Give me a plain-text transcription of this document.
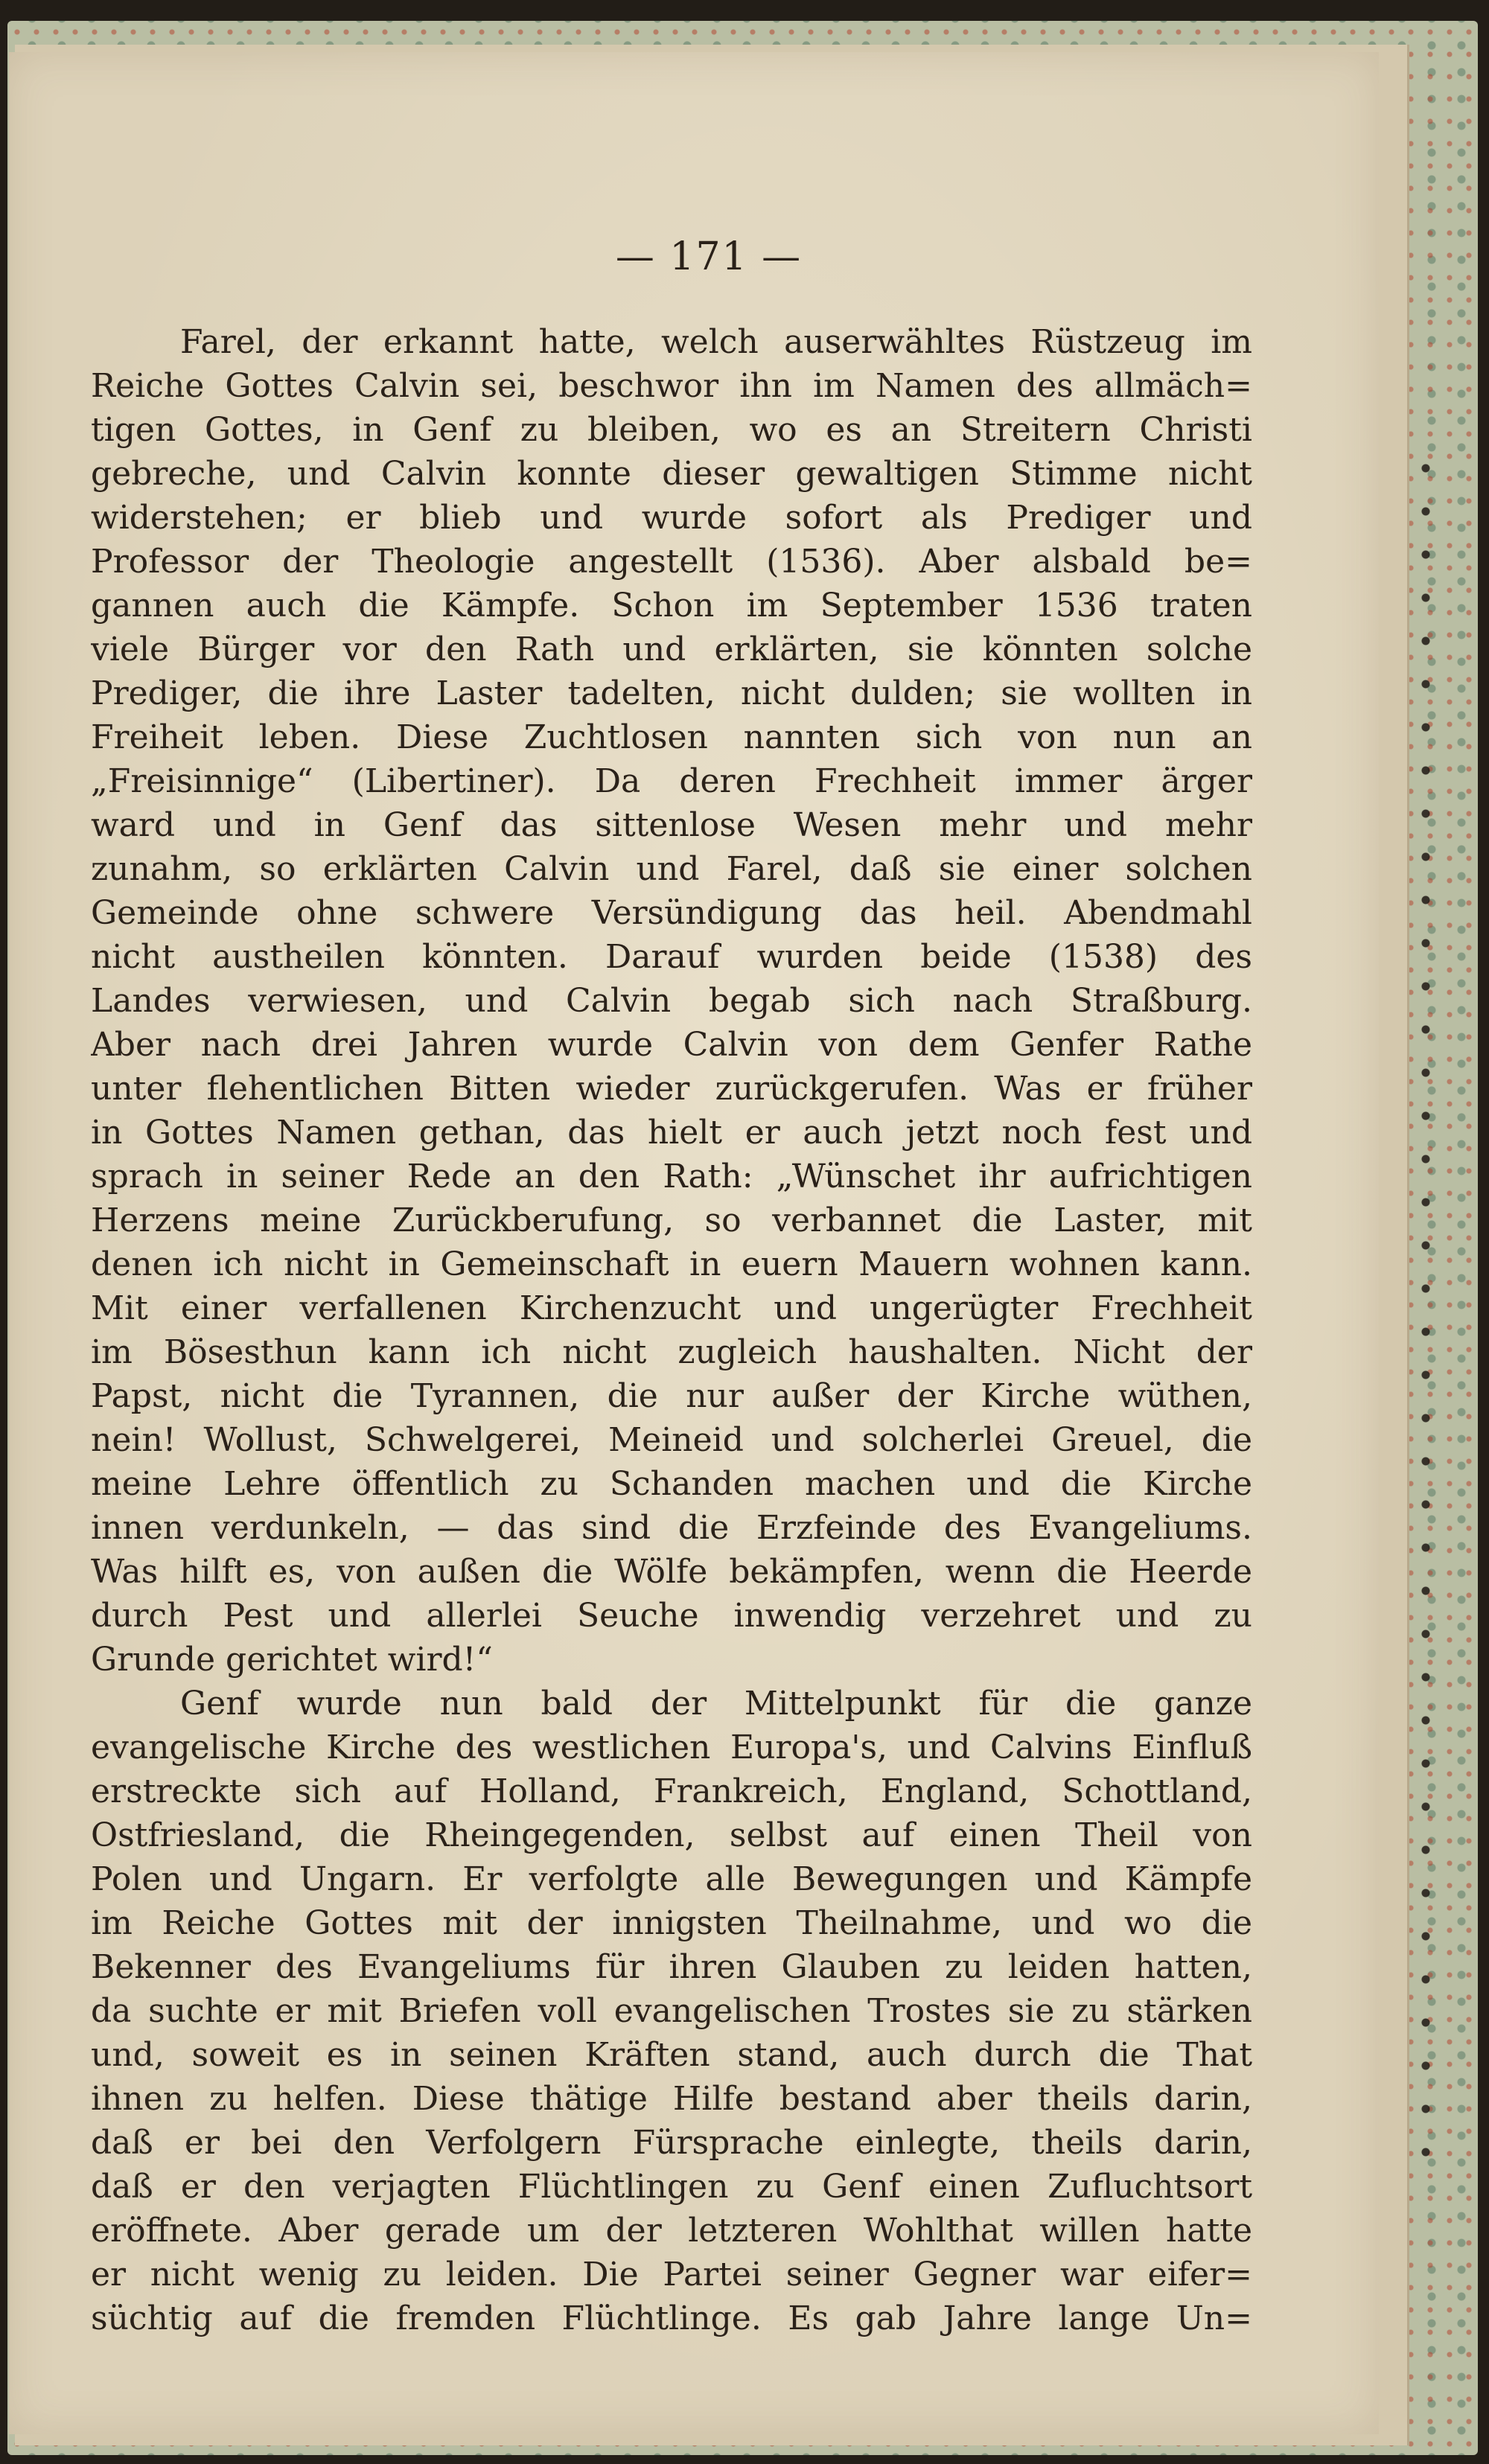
— 171 —
Farel, der erkannt hatte, welch auserwähltes Rüstzeug im
Reiche Gottes Calvin sei, beschwor ihn im Namen des allmäch=
tigen Gottes, in Genf zu bleiben, wo es an Streitern Christi
gebreche, und Calvin konnte dieser gewaltigen Stimme nicht
widerstehen; er blieb und wurde sofort als Prediger und
Professor der Theologie angestellt (1536). Aber alsbald be=
gannen auch die Kämpfe. Schon im September 1536 traten
viele Bürger vor den Rath und erklärten, sie könnten solche
Prediger, die ihre Laster tadelten, nicht dulden; sie wollten in
Freiheit leben. Diese Zuchtlosen nannten sich von nun an
„Freisinnige“ (Libertiner). Da deren Frechheit immer ärger
ward und in Genf das sittenlose Wesen mehr und mehr
zunahm, so erklärten Calvin und Farel, daß sie einer solchen
Gemeinde ohne schwere Versündigung das heil. Abendmahl
nicht austheilen könnten. Darauf wurden beide (1538) des
Landes verwiesen, und Calvin begab sich nach Straßburg.
Aber nach drei Jahren wurde Calvin von dem Genfer Rathe
unter flehentlichen Bitten wieder zurückgerufen. Was er früher
in Gottes Namen gethan, das hielt er auch jetzt noch fest und
sprach in seiner Rede an den Rath: „Wünschet ihr aufrichtigen
Herzens meine Zurückberufung, so verbannet die Laster, mit
denen ich nicht in Gemeinschaft in euern Mauern wohnen kann.
Mit einer verfallenen Kirchenzucht und ungerügter Frechheit
im Bösesthun kann ich nicht zugleich haushalten. Nicht der
Papst, nicht die Tyrannen, die nur außer der Kirche wüthen,
nein! Wollust, Schwelgerei, Meineid und solcherlei Greuel, die
meine Lehre öffentlich zu Schanden machen und die Kirche
innen verdunkeln, — das sind die Erzfeinde des Evangeliums.
Was hilft es, von außen die Wölfe bekämpfen, wenn die Heerde
durch Pest und allerlei Seuche inwendig verzehret und zu
Grunde gerichtet wird!“
Genf wurde nun bald der Mittelpunkt für die ganze
evangelische Kirche des westlichen Europa's, und Calvins Einfluß
erstreckte sich auf Holland, Frankreich, England, Schottland,
Ostfriesland, die Rheingegenden, selbst auf einen Theil von
Polen und Ungarn. Er verfolgte alle Bewegungen und Kämpfe
im Reiche Gottes mit der innigsten Theilnahme, und wo die
Bekenner des Evangeliums für ihren Glauben zu leiden hatten,
da suchte er mit Briefen voll evangelischen Trostes sie zu stärken
und, soweit es in seinen Kräften stand, auch durch die That
ihnen zu helfen. Diese thätige Hilfe bestand aber theils darin,
daß er bei den Verfolgern Fürsprache einlegte, theils darin,
daß er den verjagten Flüchtlingen zu Genf einen Zufluchtsort
eröffnete. Aber gerade um der letzteren Wohlthat willen hatte
er nicht wenig zu leiden. Die Partei seiner Gegner war eifer=
süchtig auf die fremden Flüchtlinge. Es gab Jahre lange Un=
